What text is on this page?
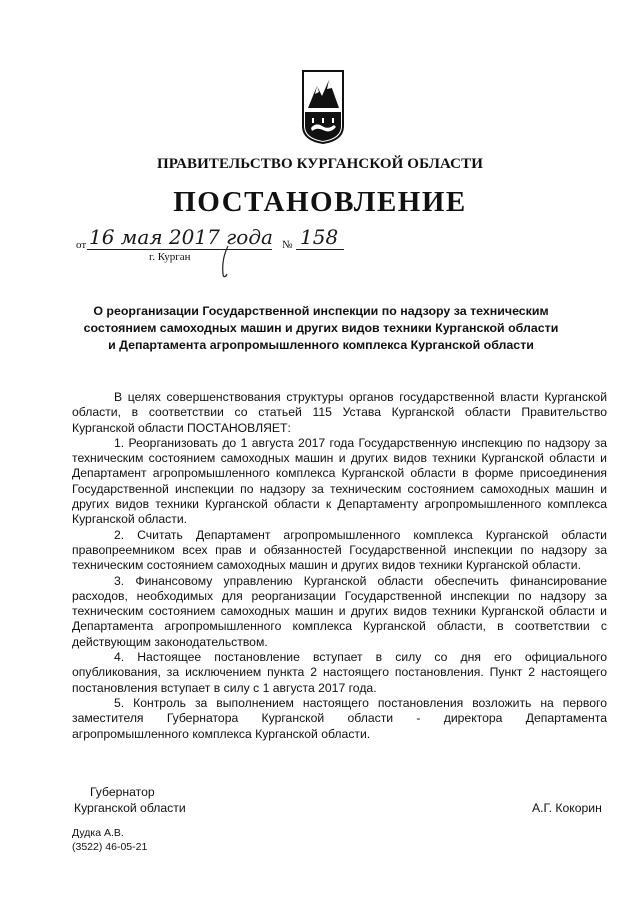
ПРАВИТЕЛЬСТВО КУРГАНСКОЙ ОБЛАСТИ
ПОСТАНОВЛЕНИЕ
от 16 мая 2017 года № 158
г. Курган
О реорганизации Государственной инспекции по надзору за техническим
состоянием самоходных машин и других видов техники Курганской области
и Департамента агропромышленного комплекса Курганской области

В целях совершенствования структуры органов государственной власти Курганской области, в соответствии со статьей 115 Устава Курганской области Правительство Курганской области ПОСТАНОВЛЯЕТ:

1. Реорганизовать до 1 августа 2017 года Государственную инспекцию по надзору за техническим состоянием самоходных машин и других видов техники Курганской области и Департамент агропромышленного комплекса Курганской области в форме присоединения Государственной инспекции по надзору за техническим состоянием самоходных машин и других видов техники Курганской области к Департаменту агропромышленного комплекса Курганской области.

2. Считать Департамент агропромышленного комплекса Курганской области правопреемником всех прав и обязанностей Государственной инспекции по надзору за техническим состоянием самоходных машин и других видов техники Курганской области.

3. Финансовому управлению Курганской области обеспечить финансирование расходов, необходимых для реорганизации Государственной инспекции по надзору за техническим состоянием самоходных машин и других видов техники Курганской области и Департамента агропромышленного комплекса Курганской области, в соответствии с действующим законодательством.

4. Настоящее постановление вступает в силу со дня его официального опубликования, за исключением пункта 2 настоящего постановления. Пункт 2 настоящего постановления вступает в силу с 1 августа 2017 года.

5. Контроль за выполнением настоящего постановления возложить на первого заместителя Губернатора Курганской области - директора Департамента агропромышленного комплекса Курганской области.

Губернатор
Курганской области	А.Г. Кокорин
Дудка А.В.
(3522) 46-05-21
